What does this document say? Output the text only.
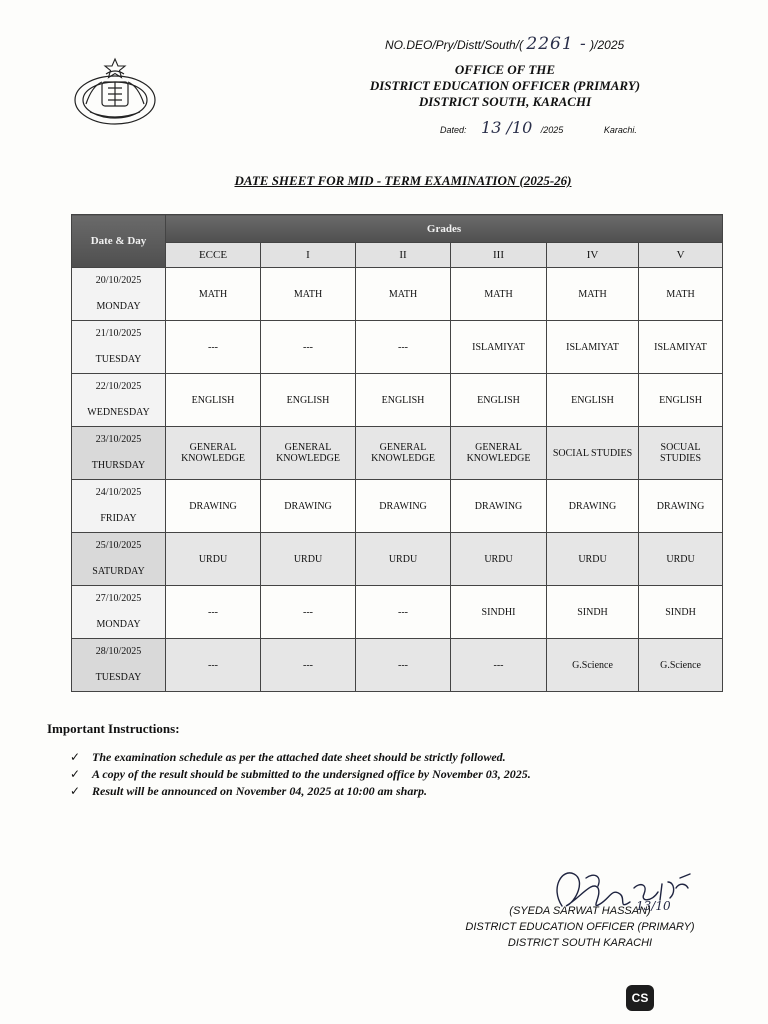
NO.DEO/Pry/Distt/South/( 2261 - )/2025
OFFICE OF THE
DISTRICT EDUCATION OFFICER (PRIMARY)
DISTRICT SOUTH, KARACHI
Dated: 13 /10 /2025	Karachi.
DATE SHEET FOR MID - TERM EXAMINATION (2025-26)
Date & Day	Grades					
	ECCE	I	II	III	IV	V

20/10/2025
MONDAY	MATH	MATH	MATH	MATH	MATH	MATH

21/10/2025
TUESDAY	---	---	---	ISLAMIYAT	ISLAMIYAT	ISLAMIYAT

22/10/2025
WEDNESDAY	ENGLISH	ENGLISH	ENGLISH	ENGLISH	ENGLISH	ENGLISH

23/10/2025
THURSDAY	GENERAL KNOWLEDGE	GENERAL KNOWLEDGE	GENERAL KNOWLEDGE	GENERAL KNOWLEDGE	SOCIAL STUDIES	SOCUAL STUDIES

24/10/2025
FRIDAY	DRAWING	DRAWING	DRAWING	DRAWING	DRAWING	DRAWING

25/10/2025
SATURDAY	URDU	URDU	URDU	URDU	URDU	URDU

27/10/2025
MONDAY	---	---	---	SINDHI	SINDH	SINDH

28/10/2025
TUESDAY	---	---	---	---	G.Science	G.Science
Important Instructions:
✓ The examination schedule as per the attached date sheet should be strictly followed.
✓ A copy of the result should be submitted to the undersigned office by November 03, 2025.
✓ Result will be announced on November 04, 2025 at 10:00 am sharp.
13/10
(SYEDA SARWAT HASSAN)
DISTRICT EDUCATION OFFICER (PRIMARY)
DISTRICT SOUTH KARACHI
CS
